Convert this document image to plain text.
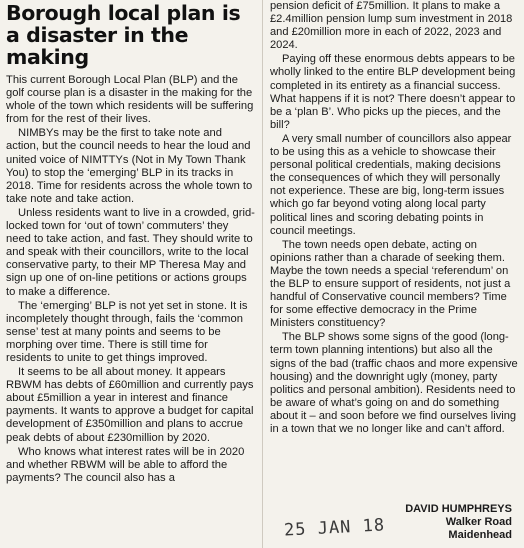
Borough local plan is a disaster in the making

This current Borough Local Plan (BLP) and the golf course plan is a disaster in the making for the whole of the town which residents will be suffering from for the rest of their lives.

NIMBYs may be the first to take note and action, but the council needs to hear the loud and united voice of NIMTTYs (Not in My Town Thank You) to stop the ‘emerging’ BLP in its tracks in 2018. Time for residents across the whole town to take note and take action.

Unless residents want to live in a crowded, grid-locked town for ‘out of town’ commuters’ they need to take action, and fast. They should write to and speak with their councillors, write to the local conservative party, to their MP Theresa May and sign up one of on-line petitions or actions groups to make a difference.

The ‘emerging’ BLP is not yet set in stone. It is incompletely thought through, fails the ‘common sense’ test at many points and seems to be morphing over time. There is still time for residents to unite to get things improved.

It seems to be all about money. It appears RBWM has debts of £60million and currently pays about £5million a year in interest and finance payments. It wants to approve a budget for capital development of £350million and plans to accrue peak debts of about £230million by 2020.

Who knows what interest rates will be in 2020 and whether RBWM will be able to afford the payments? The council also has a

pension deficit of £75million. It plans to make a £2.4million pension lump sum investment in 2018 and £20million more in each of 2022, 2023 and 2024.

Paying off these enormous debts appears to be wholly linked to the entire BLP development being completed in its entirety as a financial success. What happens if it is not? There doesn’t appear to be a ‘plan B’. Who picks up the pieces, and the bill?

A very small number of councillors also appear to be using this as a vehicle to showcase their personal political credentials, making decisions the consequences of which they will personally not experience. These are big, long-term issues which go far beyond voting along local party political lines and scoring debating points in council meetings.

The town needs open debate, acting on opinions rather than a charade of seeking them. Maybe the town needs a special ‘referendum’ on the BLP to ensure support of residents, not just a handful of Conservative council members? Time for some effective democracy in the Prime Ministers constituency?

The BLP shows some signs of the good (long-term town planning intentions) but also all the signs of the bad (traffic chaos and more expensive housing) and the downright ugly (money, party politics and personal ambition). Residents need to be aware of what’s going on and do something about it – and soon before we find ourselves living in a town that we no longer like and can’t afford.

25 JAN 18
DAVID HUMPHREYS
Walker Road
Maidenhead
